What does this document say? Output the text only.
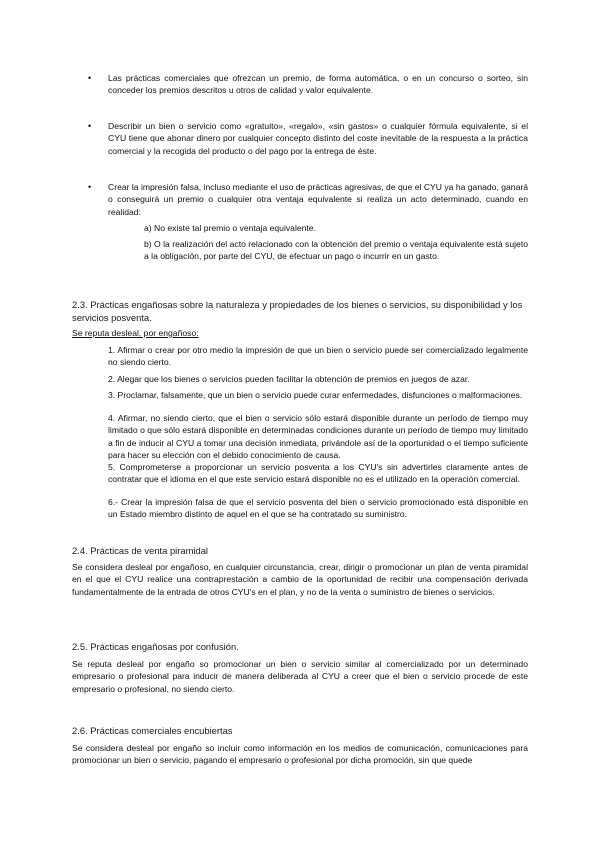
• Las prácticas comerciales que ofrezcan un premio, de forma automática, o en un concurso o sorteo, sin conceder los premios descritos u otros de calidad y valor equivalente.

• Describir un bien o servicio como «gratuito», «regalo», «sin gastos» o cualquier fórmula equivalente, si el CYU tiene que abonar dinero por cualquier concepto distinto del coste inevitable de la respuesta a la práctica comercial y la recogida del producto o del pago por la entrega de éste.

• Crear la impresión falsa, incluso mediante el uso de prácticas agresivas, de que el CYU ya ha ganado, ganará o conseguirá un premio o cualquier otra ventaja equivalente si realiza un acto determinado, cuando en realidad:

a) No existe tal premio o ventaja equivalente.

b) O la realización del acto relacionado con la obtención del premio o ventaja equivalente está sujeto a la obligación, por parte del CYU, de efectuar un pago o incurrir en un gasto.

2.3. Prácticas engañosas sobre la naturaleza y propiedades de los bienes o servicios, su disponibilidad y los servicios posventa.

Se reputa desleal, por engañoso:

1. Afirmar o crear por otro medio la impresión de que un bien o servicio puede ser comercializado legalmente no siendo cierto.

2. Alegar que los bienes o servicios pueden facilitar la obtención de premios en juegos de azar.

3. Proclamar, falsamente, que un bien o servicio puede curar enfermedades, disfunciones o malformaciones.

4. Afirmar, no siendo cierto, que el bien o servicio sólo estará disponible durante un período de tiempo muy limitado o que sólo estará disponible en determinadas condiciones durante un período de tiempo muy limitado a fin de inducir al CYU a tomar una decisión inmediata, privándole así de la oportunidad o el tiempo suficiente para hacer su elección con el debido conocimiento de causa.

5. Comprometerse a proporcionar un servicio posventa a los CYU's sin advertirles claramente antes de contratar que el idioma en el que este servicio estará disponible no es el utilizado en la operación comercial.

6.- Crear la impresión falsa de que el servicio posventa del bien o servicio promocionado está disponible en un Estado miembro distinto de aquel en el que se ha contratado su suministro.

2.4. Prácticas de venta piramidal

Se considera desleal por engañoso, en cualquier circunstancia, crear, dirigir o promocionar un plan de venta piramidal en el que el CYU realice una contraprestación a cambio de la oportunidad de recibir una compensación derivada fundamentalmente de la entrada de otros CYU's en el plan, y no de la venta o suministro de bienes o servicios.

2.5. Prácticas engañosas por confusión.

Se reputa desleal por engaño so promocionar un bien o servicio similar al comercializado por un determinado empresario o profesional para inducir de manera deliberada al CYU a creer que el bien o servicio procede de este empresario o profesional, no siendo cierto.

2.6. Prácticas comerciales encubiertas

Se considera desleal por engaño so incluir como información en los medios de comunicación, comunicaciones para promocionar un bien o servicio, pagando el empresario o profesional por dicha promoción, sin que quede
